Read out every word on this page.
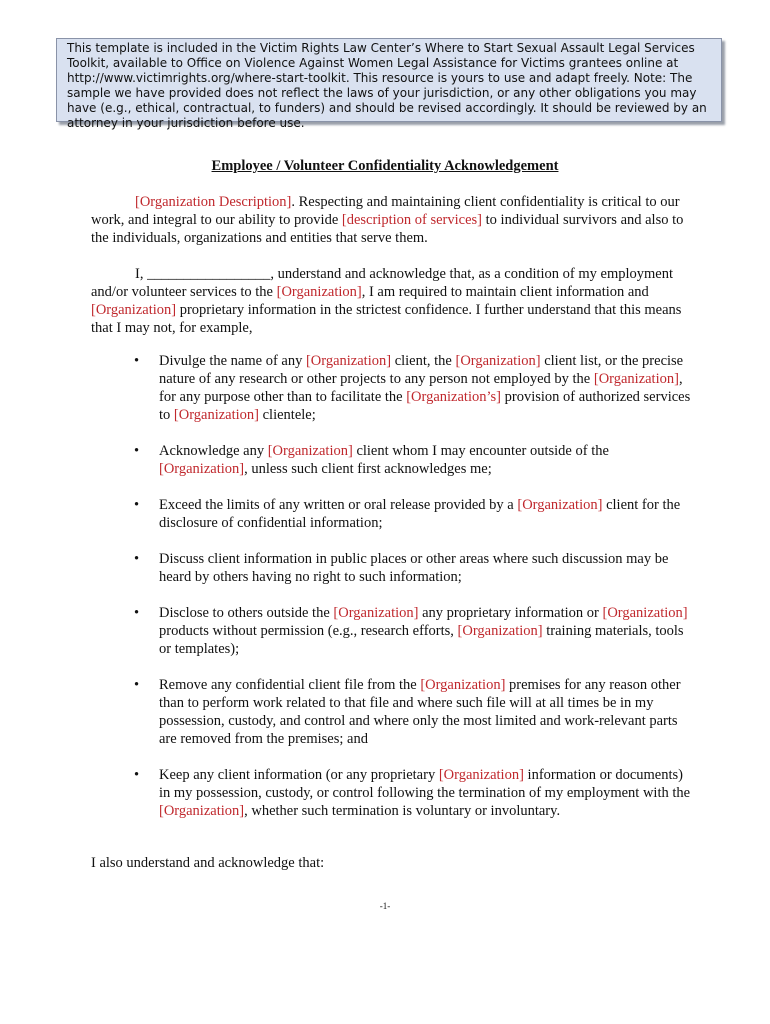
This template is included in the Victim Rights Law Center’s Where to Start Sexual Assault Legal Services Toolkit, available to Office on Violence Against Women Legal Assistance for Victims grantees online at http://www.victimrights.org/where-start-toolkit. This resource is yours to use and adapt freely. Note: The sample we have provided does not reflect the laws of your jurisdiction, or any other obligations you may have (e.g., ethical, contractual, to funders) and should be revised accordingly. It should be reviewed by an attorney in your jurisdiction before use.
Employee / Volunteer Confidentiality Acknowledgement
[Organization Description]. Respecting and maintaining client confidentiality is critical to our work, and integral to our ability to provide [description of services] to individual survivors and also to the individuals, organizations and entities that serve them.
I, _________________, understand and acknowledge that, as a condition of my employment and/or volunteer services to the [Organization], I am required to maintain client information and [Organization] proprietary information in the strictest confidence. I further understand that this means that I may not, for example,
• Divulge the name of any [Organization] client, the [Organization] client list, or the precise nature of any research or other projects to any person not employed by the [Organization], for any purpose other than to facilitate the [Organization’s] provision of authorized services to [Organization] clientele;
• Acknowledge any [Organization] client whom I may encounter outside of the [Organization], unless such client first acknowledges me;
• Exceed the limits of any written or oral release provided by a [Organization] client for the disclosure of confidential information;
• Discuss client information in public places or other areas where such discussion may be heard by others having no right to such information;
• Disclose to others outside the [Organization] any proprietary information or [Organization] products without permission (e.g., research efforts, [Organization] training materials, tools or templates);
• Remove any confidential client file from the [Organization] premises for any reason other than to perform work related to that file and where such file will at all times be in my possession, custody, and control and where only the most limited and work-relevant parts are removed from the premises; and
• Keep any client information (or any proprietary [Organization] information or documents) in my possession, custody, or control following the termination of my employment with the [Organization], whether such termination is voluntary or involuntary.
I also understand and acknowledge that:
-1-
